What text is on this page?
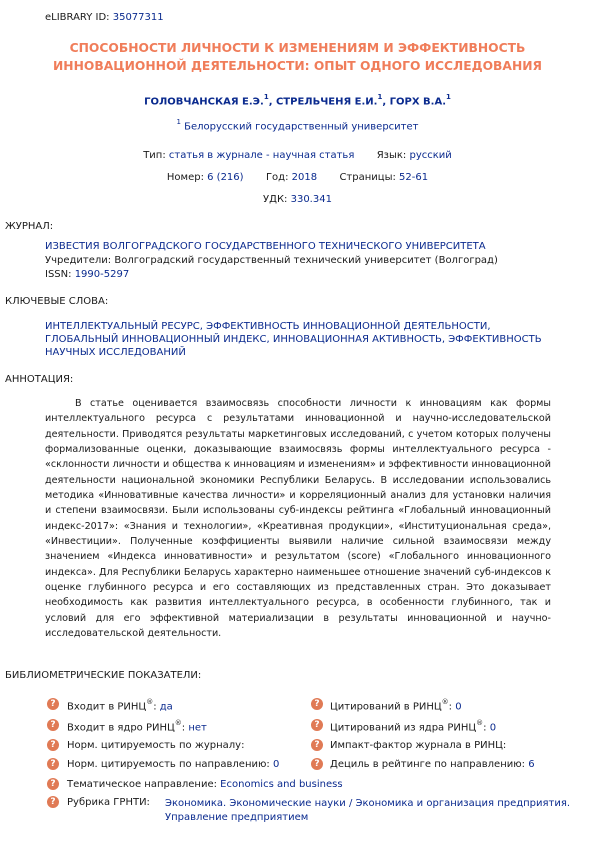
eLIBRARY ID: 35077311
СПОСОБНОСТИ ЛИЧНОСТИ К ИЗМЕНЕНИЯМ И ЭФФЕКТИВНОСТЬ
ИННОВАЦИОННОЙ ДЕЯТЕЛЬНОСТИ: ОПЫТ ОДНОГО ИССЛЕДОВАНИЯ
ГОЛОВЧАНСКАЯ Е.Э.$^1$, СТРЕЛЬЧЕНЯ Е.И.$^1$, ГОРХ В.А.$^1$
$^1$ Белорусский государственный университет
Тип: статья в журнале - научная статья Язык: русский
Номер: 6 (216) Год: 2018 Страницы: 52-61
УДК: 330.341
ЖУРНАЛ:
ИЗВЕСТИЯ ВОЛГОГРАДСКОГО ГОСУДАРСТВЕННОГО ТЕХНИЧЕСКОГО УНИВЕРСИТЕТА
Учредители: Волгоградский государственный технический университет (Волгоград)
ISSN: 1990-5297
КЛЮЧЕВЫЕ СЛОВА:
ИНТЕЛЛЕКТУАЛЬНЫЙ РЕСУРС, ЭФФЕКТИВНОСТЬ ИННОВАЦИОННОЙ ДЕЯТЕЛЬНОСТИ, ГЛОБАЛЬНЫЙ ИННОВАЦИОННЫЙ ИНДЕКС, ИННОВАЦИОННАЯ АКТИВНОСТЬ, ЭФФЕКТИВНОСТЬ НАУЧНЫХ ИССЛЕДОВАНИЙ
АННОТАЦИЯ:
В статье оценивается взаимосвязь способности личности к инновациям как формы интеллектуального ресурса с результатами инновационной и научно-исследовательской деятельности. Приводятся результаты маркетинговых исследований, с учетом которых получены формализованные оценки, доказывающие взаимосвязь формы интеллектуального ресурса - «склонности личности и общества к инновациям и изменениям» и эффективности инновационной деятельности национальной экономики Республики Беларусь. В исследовании использовались методика «Инновативные качества личности» и корреляционный анализ для установки наличия и степени взаимосвязи. Были использованы суб-индексы рейтинга «Глобальный инновационный индекс-2017»: «Знания и технологии», «Креативная продукции», «Институциональная среда», «Инвестиции». Полученные коэффициенты выявили наличие сильной взаимосвязи между значением «Индекса инновативности» и результатом (score) «Глобального инновационного индекса». Для Республики Беларусь характерно наименьшее отношение значений суб-индексов к оценке глубинного ресурса и его составляющих из представленных стран. Это доказывает необходимость как развития интеллектуального ресурса, в особенности глубинного, так и условий для его эффективной материализации в результаты инновационной и научно-исследовательской деятельности.
БИБЛИОМЕТРИЧЕСКИЕ ПОКАЗАТЕЛИ:
?	Входит в РИНЦ®: да	?	Цитирований в РИНЦ®: 0
?	Входит в ядро РИНЦ®: нет	?	Цитирований из ядра РИНЦ®: 0
?	Норм. цитируемость по журналу:	?	Импакт-фактор журнала в РИНЦ:
?	Норм. цитируемость по направлению: 0	?	Дециль в рейтинге по направлению: 6
?	Тематическое направление: Economics and business
?	Рубрика ГРНТИ: Экономика. Экономические науки / Экономика и организация предприятия.
Управление предприятием
